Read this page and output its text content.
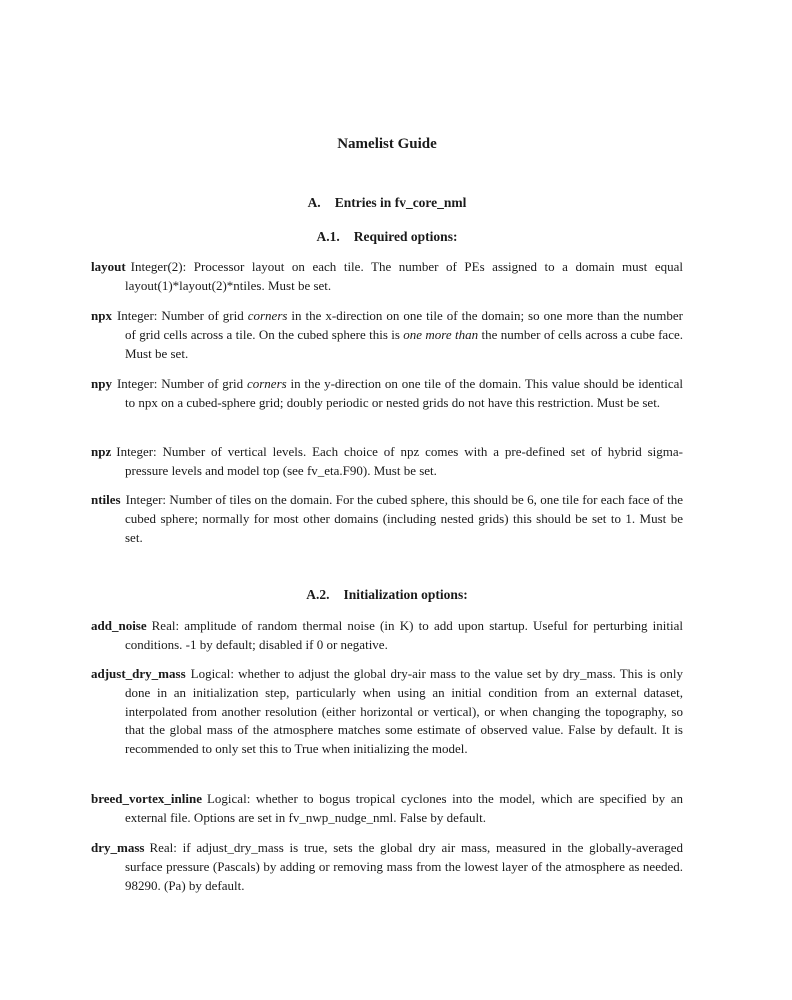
Namelist Guide
A. Entries in fv_core_nml
A.1. Required options:
layout Integer(2): Processor layout on each tile. The number of PEs assigned to a domain must equal layout(1)*layout(2)*ntiles. Must be set.
npx Integer: Number of grid corners in the x-direction on one tile of the domain; so one more than the number of grid cells across a tile. On the cubed sphere this is one more than the number of cells across a cube face. Must be set.
npy Integer: Number of grid corners in the y-direction on one tile of the domain. This value should be identical to npx on a cubed-sphere grid; doubly periodic or nested grids do not have this restriction. Must be set.
npz Integer: Number of vertical levels. Each choice of npz comes with a pre-defined set of hybrid sigma-pressure levels and model top (see fv_eta.F90). Must be set.
ntiles Integer: Number of tiles on the domain. For the cubed sphere, this should be 6, one tile for each face of the cubed sphere; normally for most other domains (including nested grids) this should be set to 1. Must be set.
A.2. Initialization options:
add_noise Real: amplitude of random thermal noise (in K) to add upon startup. Useful for perturbing initial conditions. -1 by default; disabled if 0 or negative.
adjust_dry_mass Logical: whether to adjust the global dry-air mass to the value set by dry_mass. This is only done in an initialization step, particularly when using an initial condition from an external dataset, interpolated from another resolution (either horizontal or vertical), or when changing the topography, so that the global mass of the atmosphere matches some estimate of observed value. False by default. It is recommended to only set this to True when initializing the model.
breed_vortex_inline Logical: whether to bogus tropical cyclones into the model, which are specified by an external file. Options are set in fv_nwp_nudge_nml. False by default.
dry_mass Real: if adjust_dry_mass is true, sets the global dry air mass, measured in the globally-averaged surface pressure (Pascals) by adding or removing mass from the lowest layer of the atmosphere as needed. 98290. (Pa) by default.
